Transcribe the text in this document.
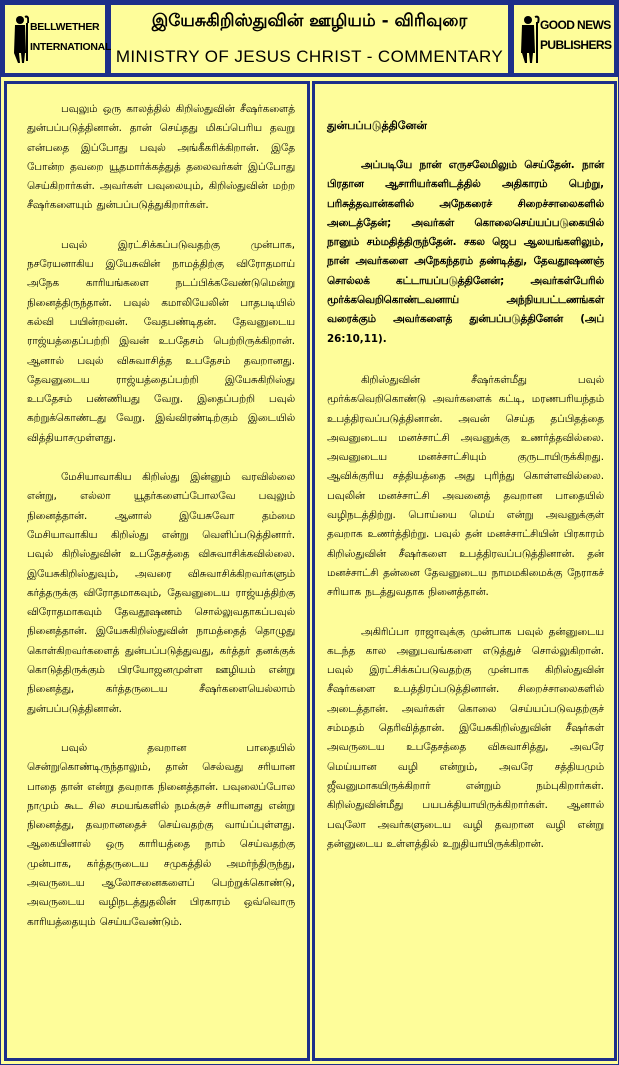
BELLWETHER
INTERNATIONAL
இயேசுகிறிஸ்துவின் ஊழியம் - விரிவுரை
MINISTRY OF JESUS CHRIST - COMMENTARY
GOOD NEWS
PUBLISHERS

பவுலும் ஒரு காலத்தில் கிறிஸ்துவின் சீஷர்களைத் துன்பப்படுத்தினான். தான் செய்தது மிகப்பெரிய தவறு என்பதை இப்போது பவுல் அங்கீகரிக்கிறான். இதே போன்ற தவறை யூதமார்க்கத்துத் தலைவர்கள் இப்போது செய்கிறார்கள். அவர்கள் பவுலையும், கிறிஸ்துவின் மற்ற சீஷர்களையும் துன்பப்படுத்துகிறார்கள்.

பவுல் இரட்சிக்கப்படுவதற்கு முன்பாக, நசரேயனாகிய இயேசுவின் நாமத்திற்கு விரோதமாய் அநேக காரியங்களை நடப்பிக்கவேண்டுமென்று நினைத்திருந்தான். பவுல் கமாலியேலின் பாதபடியில் கல்வி பயின்றவன். வேதபண்டிதன். தேவனுடைய ராஜ்யத்தைப்பற்றி இவன் உபதேசம் பெற்றிருக்கிறான். ஆனால் பவுல் விசுவாசித்த உபதேசம் தவறானது. தேவனுடைய ராஜ்யத்தைப்பற்றி இயேசுகிறிஸ்து உபதேசம் பண்ணியது வேறு. இதைப்பற்றி பவுல் கற்றுக்கொண்டது வேறு. இவ்விரண்டிற்கும் இடையில் வித்தியாசமுள்ளது.

மேசியாவாகிய கிறிஸ்து இன்னும் வரவில்லை என்று, எல்லா யூதர்களைப்போலவே பவுலும் நினைத்தான். ஆனால் இயேசுவோ தம்மை மேசியாவாகிய கிறிஸ்து என்று வெளிப்படுத்தினார். பவுல் கிறிஸ்துவின் உபதேசத்தை விசுவாசிக்கவில்லை. இயேசுகிறிஸ்துவும், அவரை விசுவாசிக்கிறவர்களும் கர்த்தருக்கு விரோதமாகவும், தேவனுடைய ராஜ்யத்திற்கு விரோதமாகவும் தேவதூஷணம் சொல்லுவதாகப்பவுல் நினைத்தான். இயேசுகிறிஸ்துவின் நாமத்தைத் தொழுது கொள்கிறவர்களைத் துன்பப்படுத்துவது, கர்த்தர் தனக்குக் கொடுத்திருக்கும் பிரயோஜனமுள்ள ஊழியம் என்று நினைத்து, கர்த்தருடைய சீஷர்களையெல்லாம் துன்பப்படுத்தினான்.

பவுல் தவறான பாதையில் சென்றுகொண்டிருந்தாலும், தான் செல்வது சரியான பாதை தான் என்று தவறாக நினைத்தான். பவுலைப்போல நாமும் கூட சில சமயங்களில் நமக்குச் சரியானது என்று நினைத்து, தவறானதைச் செய்வதற்கு வாய்ப்புள்ளது. ஆகையினால் ஒரு காரியத்தை நாம் செய்வதற்கு முன்பாக, கர்த்தருடைய சமுகத்தில் அமர்ந்திருந்து, அவருடைய ஆலோசனைகளைப் பெற்றுக்கொண்டு, அவருடைய வழிநடத்துதலின் பிரகாரம் ஒவ்வொரு காரியத்தையும் செய்யவேண்டும்.

துன்பப்படுத்தினேன்

அப்படியே நான் எருசலேமிலும் செய்தேன். நான் பிரதான ஆசாரியர்களிடத்தில் அதிகாரம் பெற்று, பரிசுத்தவான்களில் அநேகரைச் சிறைச்சாலைகளில் அடைத்தேன்; அவர்கள் கொலைசெய்யப்படுகையில் நானும் சம்மதித்திருந்தேன். சகல ஜெப ஆலயங்களிலும், நான் அவர்களை அநேகந்தரம் தண்டித்து, தேவதூஷணஞ் சொல்லக் கட்டாயப்படுத்தினேன்; அவர்கள்பேரில் மூர்க்கவெறிகொண்டவனாய் அந்நியபட்டணங்கள் வரைக்கும் அவர்களைத் துன்பப்படுத்தினேன் (அப் 26:10,11).

கிறிஸ்துவின் சீஷர்கள்மீது பவுல் மூர்க்கவெறிகொண்டு அவர்களைக் கட்டி, மரணபரியந்தம் உபத்திரவப்படுத்தினான். அவன் செய்த தப்பிதத்தை அவனுடைய மனச்சாட்சி அவனுக்கு உணர்த்தவில்லை. அவனுடைய மனச்சாட்சியும் குருடாயிருக்கிறது. ஆவிக்குரிய சத்தியத்தை அது புரிந்து கொள்ளவில்லை. பவுலின் மனச்சாட்சி அவனைத் தவறான பாதையில் வழிநடத்திற்று. பொய்யை மெய் என்று அவனுக்குள் தவறாக உணர்த்திற்று. பவுல் தன் மனச்சாட்சியின் பிரகாரம் கிறிஸ்துவின் சீஷர்களை உபத்திரவப்படுத்தினான். தன் மனச்சாட்சி தன்னை தேவனுடைய நாமமகிமைக்கு நேராகச் சரியாக நடத்துவதாக நினைத்தான்.

அகிரிப்பா ராஜாவுக்கு முன்பாக பவுல் தன்னுடைய கடந்த கால அனுபவங்களை எடுத்துச் சொல்லுகிறான். பவுல் இரட்சிக்கப்படுவதற்கு முன்பாக கிறிஸ்துவின் சீஷர்களை உபத்திரப்படுத்தினான். சிறைச்சாலைகளில் அடைத்தான். அவர்கள் கொலை செய்யப்படுவதற்குச் சம்மதம் தெரிவித்தான். இயேசுகிறிஸ்துவின் சீஷர்கள் அவருடைய உபதேசத்தை விசுவாசித்து, அவரே மெய்யான வழி என்றும், அவரே சத்தியமும் ஜீவனுமாகயிருக்கிறார் என்றும் நம்புகிறார்கள். கிறிஸ்துவின்மீது பயபக்தியாயிருக்கிறார்கள். ஆனால் பவுலோ அவர்களுடைய வழி தவறான வழி என்று தன்னுடைய உள்ளத்தில் உறுதியாயிருக்கிறான்.
